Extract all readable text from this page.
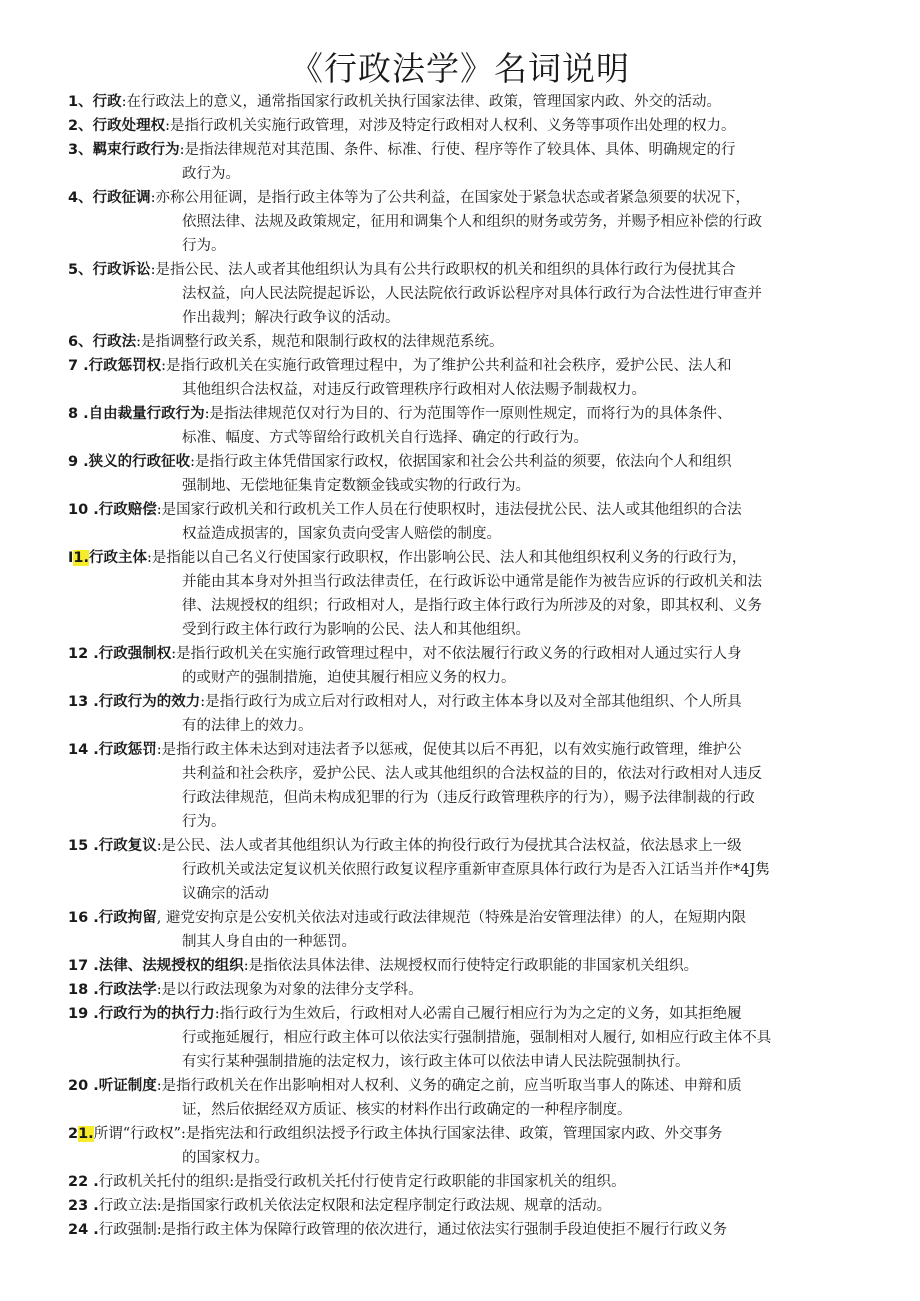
《行政法学》名词说明
1、行政:在行政法上的意义，通常指国家行政机关执行国家法律、政策，管理国家内政、外交的活动。
2、行政处理权:是指行政机关实施行政管理，对涉及特定行政相对人权利、义务等事项作出处理的权力。
3、羁束行政行为:是指法律规范对其范围、条件、标准、行使、程序等作了较具体、具体、明确规定的行
政行为。
4、行政征调:亦称公用征调，是指行政主体等为了公共利益，在国家处于紧急状态或者紧急须要的状况下，
依照法律、法规及政策规定，征用和调集个人和组织的财务或劳务，并赐予相应补偿的行政
行为。
5、行政诉讼:是指公民、法人或者其他组织认为具有公共行政职权的机关和组织的具体行政行为侵扰其合
法权益，向人民法院提起诉讼，人民法院依行政诉讼程序对具体行政行为合法性进行审查并
作出裁判；解决行政争议的活动。
6、行政法:是指调整行政关系，规范和限制行政权的法律规范系统。
7 .行政惩罚权:是指行政机关在实施行政管理过程中，为了维护公共利益和社会秩序，爱护公民、法人和
其他组织合法权益，对违反行政管理秩序行政相对人依法赐予制裁权力。
8 .自由裁量行政行为:是指法律规范仅对行为目的、行为范围等作一原则性规定，而将行为的具体条件、
标准、幅度、方式等留给行政机关自行选择、确定的行政行为。
9 .狭义的行政征收:是指行政主体凭借国家行政权，依据国家和社会公共利益的须要，依法向个人和组织
强制地、无偿地征集肯定数额金钱或实物的行政行为。
10 .行政赔偿:是国家行政机关和行政机关工作人员在行使职权时，违法侵扰公民、法人或其他组织的合法
权益造成损害的，国家负责向受害人赔偿的制度。
I1.行政主体:是指能以自己名义行使国家行政职权，作出影响公民、法人和其他组织权利义务的行政行为，
并能由其本身对外担当行政法律责任，在行政诉讼中通常是能作为被告应诉的行政机关和法
律、法规授权的组织；行政相对人，是指行政主体行政行为所涉及的对象，即其权利、义务
受到行政主体行政行为影响的公民、法人和其他组织。
12 .行政强制权:是指行政机关在实施行政管理过程中，对不依法履行行政义务的行政相对人通过实行人身
的或财产的强制措施，迫使其履行相应义务的权力。
13 .行政行为的效力:是指行政行为成立后对行政相对人，对行政主体本身以及对全部其他组织、个人所具
有的法律上的效力。
14 .行政惩罚:是指行政主体未达到对违法者予以惩戒，促使其以后不再犯，以有效实施行政管理，维护公
共利益和社会秩序，爱护公民、法人或其他组织的合法权益的目的，依法对行政相对人违反
行政法律规范，但尚未构成犯罪的行为（违反行政管理秩序的行为），赐予法律制裁的行政
行为。
15 .行政复议:是公民、法人或者其他组织认为行政主体的拘役行政行为侵扰其合法权益，依法恳求上一级
行政机关或法定复议机关依照行政复议程序重新审查原具体行政行为是否入江话当并作*4J隽
议确宗的活动
16 .行政拘留, 避党安拘京是公安机关依法对违或行政法律规范（特殊是治安管理法律）的人，在短期内限
制其人身自由的一种惩罚。
17 .法律、法规授权的组织:是指依法具体法律、法规授权而行使特定行政职能的非国家机关组织。
18 .行政法学:是以行政法现象为对象的法律分支学科。
19 .行政行为的执行力:指行政行为生效后，行政相对人必需自己履行相应行为为之定的义务，如其拒绝履
行或拖延履行，相应行政主体可以依法实行强制措施，强制相对人履行, 如相应行政主体不具
有实行某种强制措施的法定权力，该行政主体可以依法申请人民法院强制执行。
20 .听证制度:是指行政机关在作出影响相对人权利、义务的确定之前，应当听取当事人的陈述、申辩和质
证，然后依据经双方质证、核实的材料作出行政确定的一种程序制度。
21.所谓“行政权”:是指宪法和行政组织法授予行政主体执行国家法律、政策，管理国家内政、外交事务
的国家权力。
22 .行政机关托付的组织:是指受行政机关托付行使肯定行政职能的非国家机关的组织。
23 .行政立法:是指国家行政机关依法定权限和法定程序制定行政法规、规章的活动。
24 .行政强制:是指行政主体为保障行政管理的依次进行，通过依法实行强制手段迫使拒不履行行政义务
